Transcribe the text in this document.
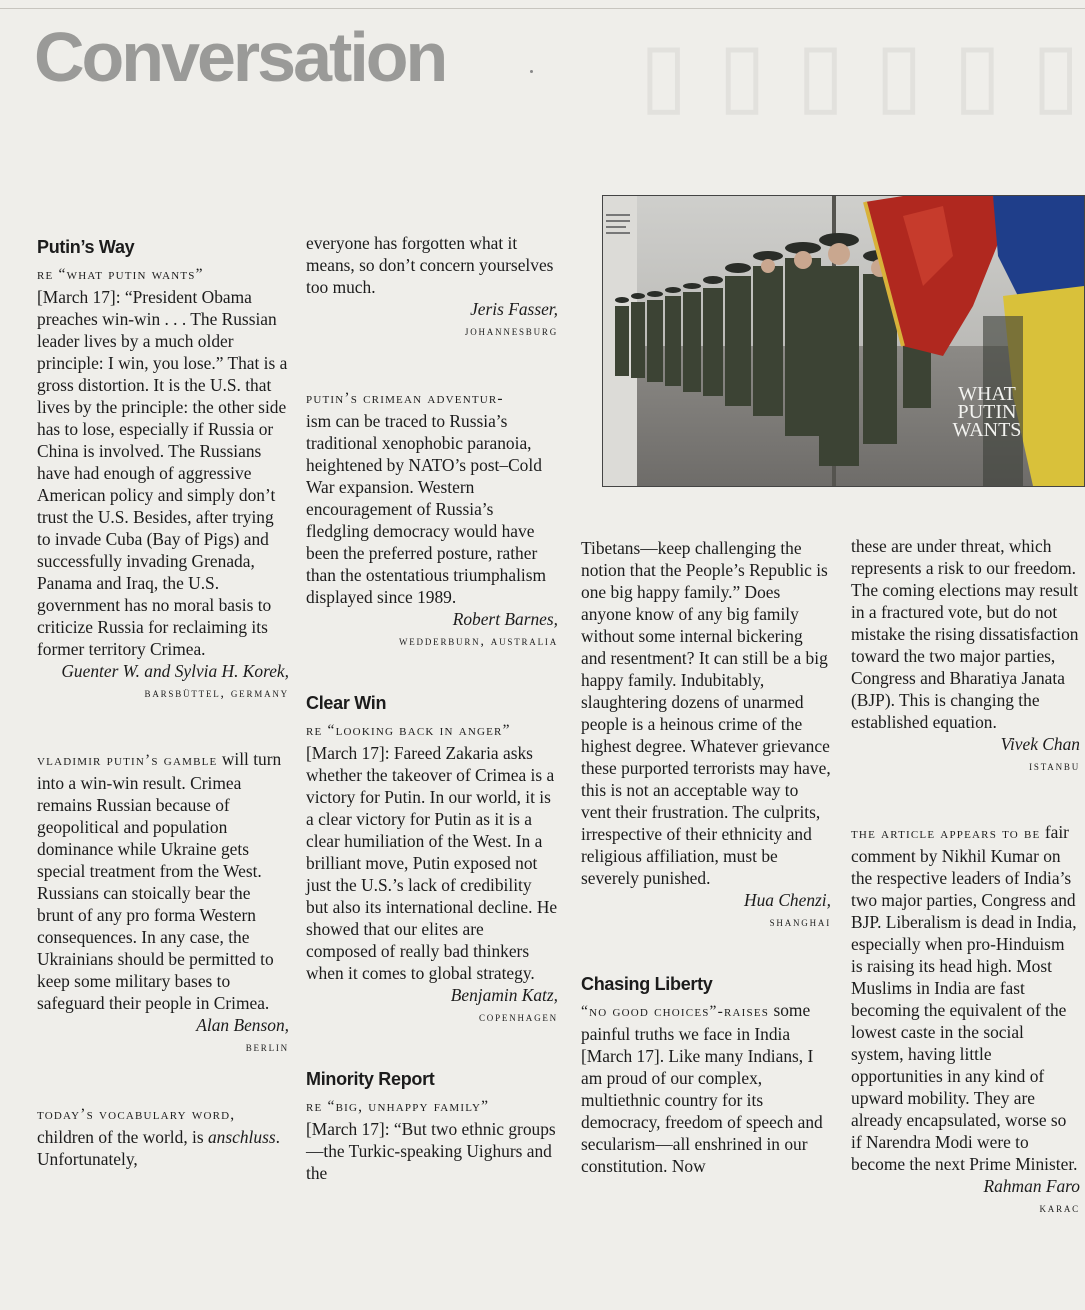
▯ ▯ ▯ ▯ ▯ ▯
Conversation
Putin’s Way

re “what putin wants”
[March 17]: “President Obama preaches win-win . . . The Russian leader lives by a much older principle: I win, you lose.” That is a gross distortion. It is the U.S. that lives by the principle: the other side has to lose, especially if Russia or China is involved. The Russians have had enough of aggressive American policy and simply don’t trust the U.S. Besides, after trying to invade Cuba (Bay of Pigs) and successfully invading Grenada, Panama and Iraq, the U.S. government has no moral basis to criticize Russia for reclaiming its former territory Crimea.

Guenter W. and Sylvia H. Korek,

barsbüttel, germany

vladimir putin’s gamble will turn into a win-win result. Crimea remains Russian because of geopolitical and population dominance while Ukraine gets special treatment from the West. Russians can stoically bear the brunt of any pro forma Western consequences. In any case, the Ukrainians should be permitted to keep some military bases to safeguard their people in Crimea.

Alan Benson,

berlin

today’s vocabulary word, children of the world, is anschluss. Unfortunately,

everyone has forgotten what it means, so don’t concern yourselves too much.

Jeris Fasser,

johannesburg

putin’s crimean adventur-
ism can be traced to Russia’s traditional xenophobic paranoia, heightened by NATO’s post–Cold War expansion. Western encouragement of Russia’s fledgling democracy would have been the preferred posture, rather than the ostentatious triumphalism displayed since 1989.

Robert Barnes,

wedderburn, australia

Clear Win

re “looking back in anger”
[March 17]: Fareed Zakaria asks whether the takeover of Crimea is a victory for Putin. In our world, it is a clear victory for Putin as it is a clear humiliation of the West. In a brilliant move, Putin exposed not just the U.S.’s lack of credibility but also its international decline. He showed that our elites are composed of really bad thinkers when it comes to global strategy.

Benjamin Katz,

copenhagen

Minority Report

re “big, unhappy family”
[March 17]: “But two ethnic groups—the Turkic-speaking Uighurs and the

WHAT
PUTIN
WANTS

Tibetans—keep challenging the notion that the People’s Republic is one big happy family.” Does anyone know of any big family without some internal bickering and resentment? It can still be a big happy family. Indubitably, slaughtering dozens of unarmed people is a heinous crime of the highest degree. Whatever grievance these purported terrorists may have, this is not an acceptable way to vent their frustration. The culprits, irrespective of their ethnicity and religious affiliation, must be severely punished.

Hua Chenzi,

shanghai

Chasing Liberty

“no good choices”-raises some painful truths we face in India [March 17]. Like many Indians, I am proud of our complex, multiethnic country for its democracy, freedom of speech and secularism—all enshrined in our constitution. Now

these are under threat, which represents a risk to our freedom. The coming elections may result in a fractured vote, but do not mistake the rising dissatisfaction toward the two major parties, Congress and Bharatiya Janata (BJP). This is changing the established equation.

Vivek Chan

istanbu

the article appears to be fair comment by Nikhil Kumar on the respective leaders of India’s two major parties, Congress and BJP. Liberalism is dead in India, especially when pro-Hinduism is raising its head high. Most Muslims in India are fast becoming the equivalent of the lowest caste in the social system, having little opportunities in any kind of upward mobility. They are already encapsulated, worse so if Narendra Modi were to become the next Prime Minister.

Rahman Faro

karac
